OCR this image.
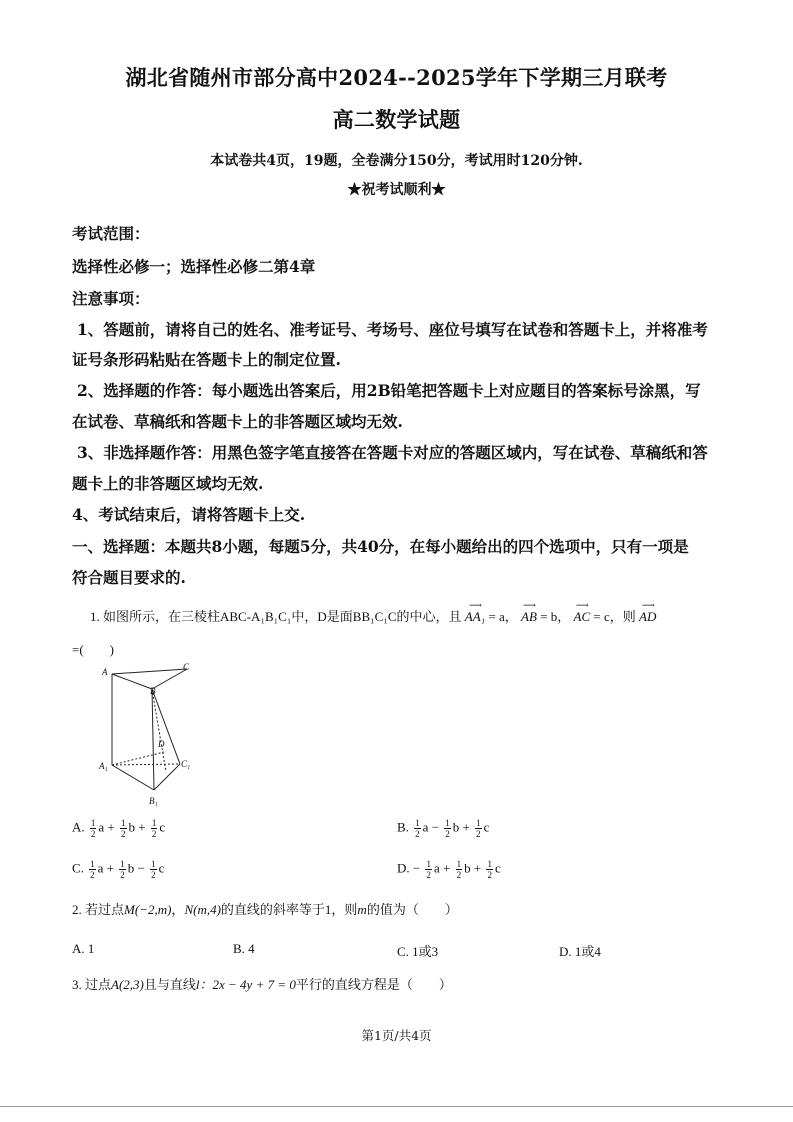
湖北省随州市部分高中2024--2025学年下学期三月联考
高二数学试题
本试卷共4页，19题，全卷满分150分，考试用时120分钟.
★祝考试顺利★
考试范围：
选择性必修一；选择性必修二第4章
注意事项：
1、答题前，请将自己的姓名、准考证号、考场号、座位号填写在试卷和答题卡上，并将准考
证号条形码粘贴在答题卡上的制定位置.
2、选择题的作答：每小题选出答案后，用2B铅笔把答题卡上对应题目的答案标号涂黑，写
在试卷、草稿纸和答题卡上的非答题区域均无效.
3、非选择题作答：用黑色签字笔直接答在答题卡对应的答题区域内，写在试卷、草稿纸和答
题卡上的非答题区域均无效.
4、考试结束后，请将答题卡上交.
一、选择题：本题共8小题，每题5分，共40分，在每小题给出的四个选项中，只有一项是
符合题目要求的.
1. 如图所示，在三棱柱ABC-A₁B₁C₁中，D是面BB₁C₁C的中心，且
⟶
AA₁ = a，
⟶
AB = b，
⟶
AC = c，则
⟶
AD
=(　　)
A
B
C
A₁
B₁
C₁
D
A. $\frac{1}{2}$ $a + \frac{1}{2}$ $b + \frac{1}{2}$ c	B. $\frac{1}{2}$ $a - \frac{1}{2}$ $b + \frac{1}{2}$ c
C. $\frac{1}{2}$ $a + \frac{1}{2}$ $b - \frac{1}{2}$ c	D. − $\frac{1}{2}$ $a + \frac{1}{2}$ $b + \frac{1}{2}$ c
2. 若过点M(−2,m)，N(m,4)的直线的斜率等于1，则m的值为（　　）
A. 1	B. 4	C. 1或3	D. 1或4
3. 过点A(2,3)且与直线l：2x − 4y + 7 = 0平行的直线方程是（　　）
第1页/共4页
